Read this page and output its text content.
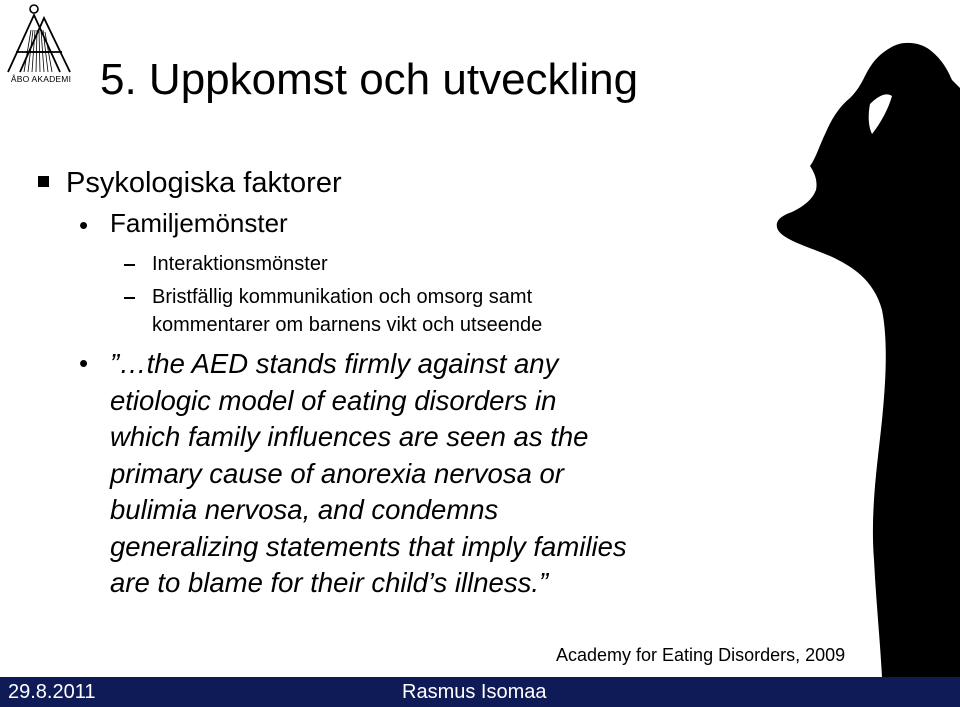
ÅBO AKADEMI 5. Uppkomst och utveckling
Psykologiska faktorer
• Familjemönster
Interaktionsmönster
Bristfällig kommunikation och omsorg samt
kommentarer om barnens vikt och utseende
• ”…the AED stands firmly against any
etiologic model of eating disorders in
which family influences are seen as the
primary cause of anorexia nervosa or
bulimia nervosa, and condemns
generalizing statements that imply families
are to blame for their child’s illness.”
Academy for Eating Disorders, 2009
29.8.2011	Rasmus Isomaa
